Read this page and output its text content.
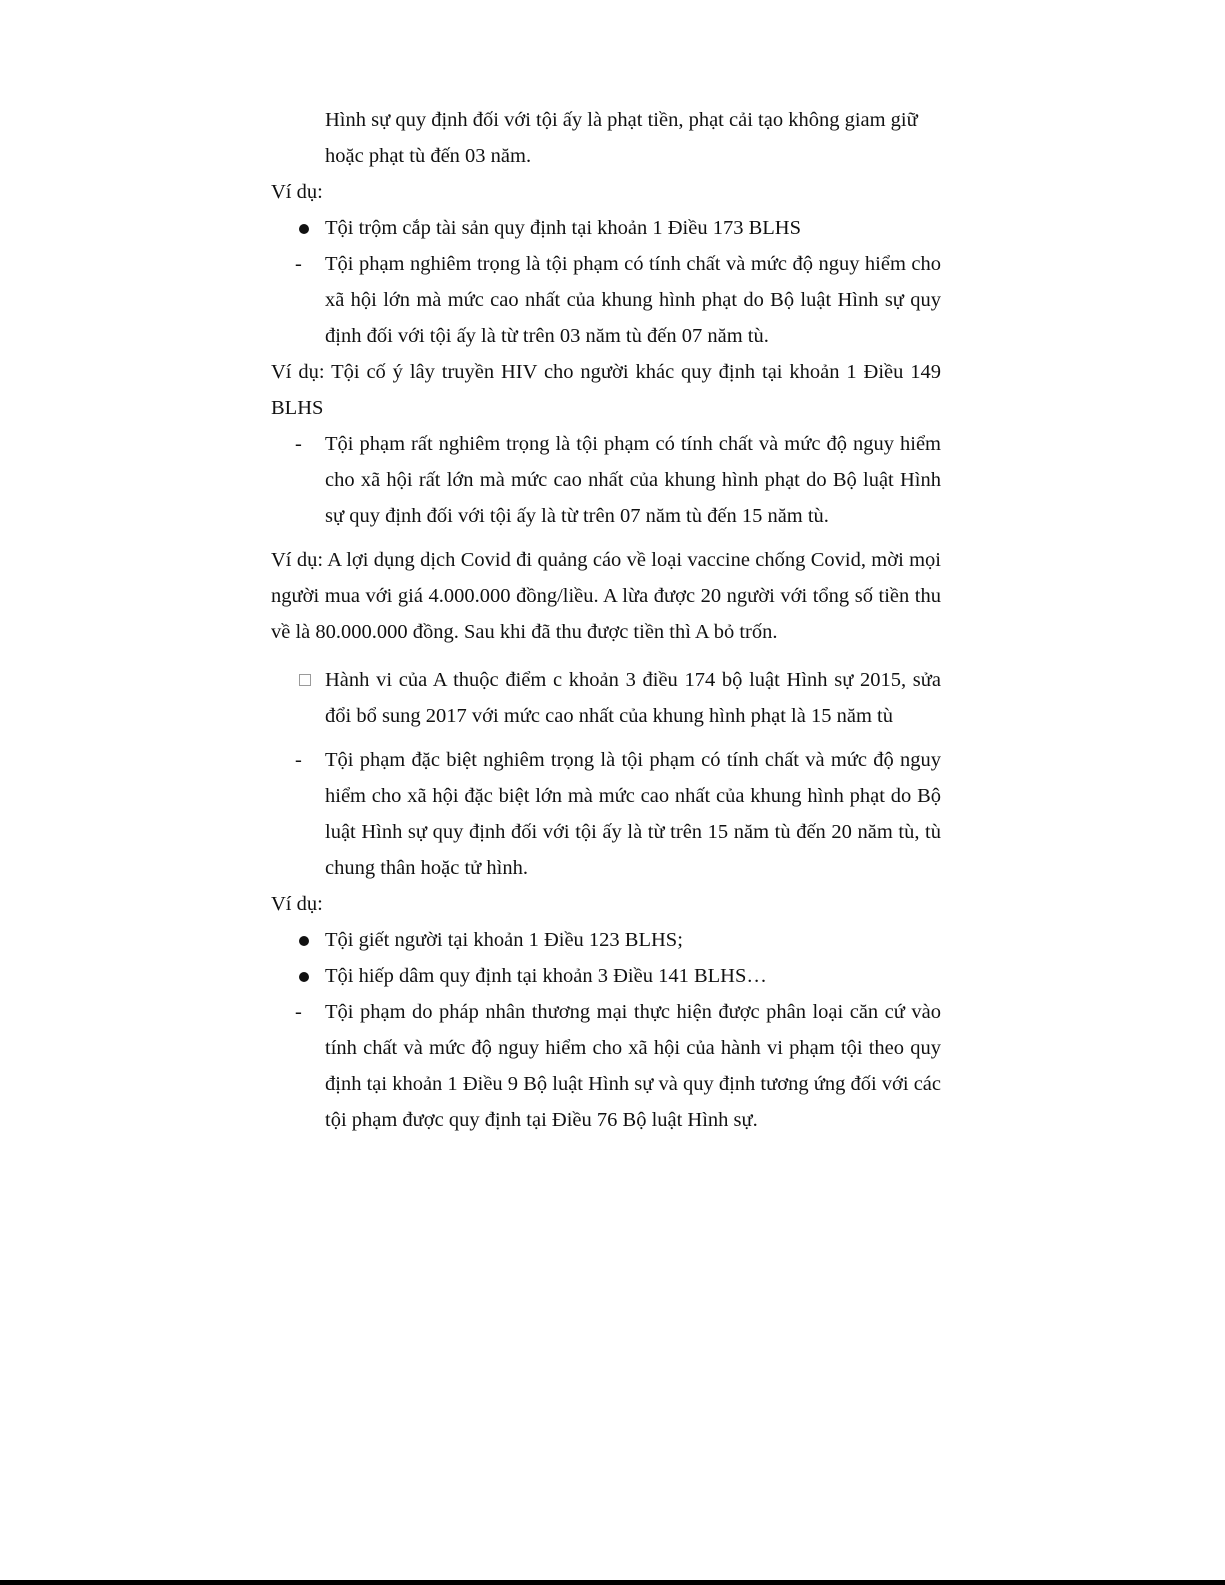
Hình sự quy định đối với tội ấy là phạt tiền, phạt cải tạo không giam giữ

hoặc phạt tù đến 03 năm.

Ví dụ:

Tội trộm cắp tài sản quy định tại khoản 1 Điều 173 BLHS
-	Tội phạm nghiêm trọng là tội phạm có tính chất và mức độ nguy hiểm cho xã hội lớn mà mức cao nhất của khung hình phạt do Bộ luật Hình sự quy định đối với tội ấy là từ trên 03 năm tù đến 07 năm tù.

Ví dụ: Tội cố ý lây truyền HIV cho người khác quy định tại khoản 1 Điều 149 BLHS

-	Tội phạm rất nghiêm trọng là tội phạm có tính chất và mức độ nguy hiểm cho xã hội rất lớn mà mức cao nhất của khung hình phạt do Bộ luật Hình sự quy định đối với tội ấy là từ trên 07 năm tù đến 15 năm tù.

Ví dụ: A lợi dụng dịch Covid đi quảng cáo về loại vaccine chống Covid, mời mọi người mua với giá 4.000.000 đồng/liều. A lừa được 20 người với tổng số tiền thu về là 80.000.000 đồng. Sau khi đã thu được tiền thì A bỏ trốn.

Hành vi của A thuộc điểm c khoản 3 điều 174 bộ luật Hình sự 2015, sửa đổi bổ sung 2017 với mức cao nhất của khung hình phạt là 15 năm tù
-	Tội phạm đặc biệt nghiêm trọng là tội phạm có tính chất và mức độ nguy hiểm cho xã hội đặc biệt lớn mà mức cao nhất của khung hình phạt do Bộ luật Hình sự quy định đối với tội ấy là từ trên 15 năm tù đến 20 năm tù, tù chung thân hoặc tử hình.

Ví dụ:

Tội giết người tại khoản 1 Điều 123 BLHS;
Tội hiếp dâm quy định tại khoản 3 Điều 141 BLHS…
-	Tội phạm do pháp nhân thương mại thực hiện được phân loại căn cứ vào tính chất và mức độ nguy hiểm cho xã hội của hành vi phạm tội theo quy định tại khoản 1 Điều 9 Bộ luật Hình sự và quy định tương ứng đối với các tội phạm được quy định tại Điều 76 Bộ luật Hình sự.
